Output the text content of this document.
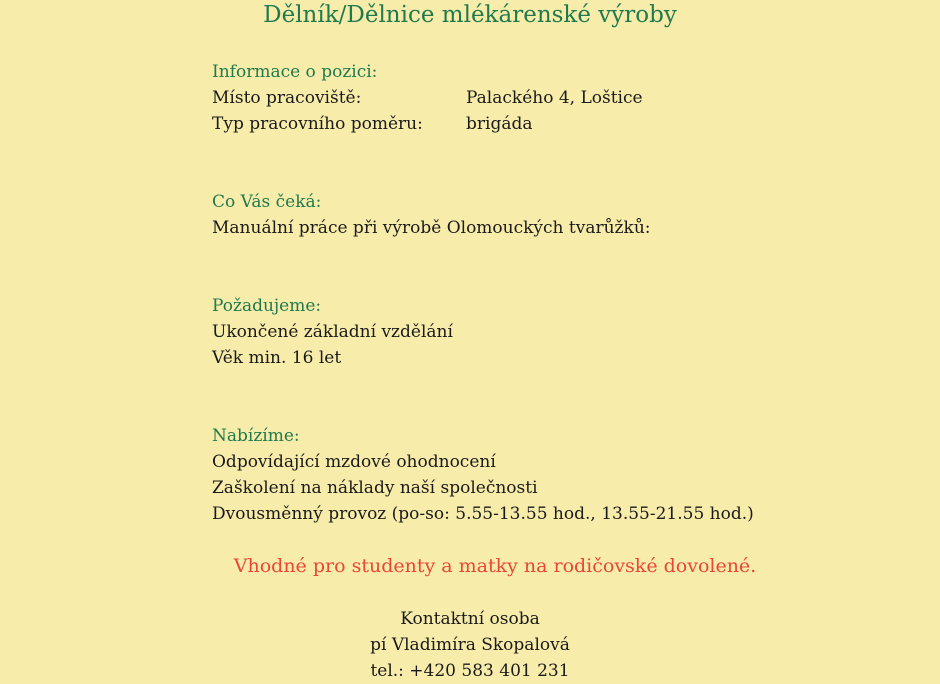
Dělník/Dělnice mlékárenské výroby

Informace o pozici:

Místo pracoviště:	Palackého 4, Loštice
Typ pracovního poměru:	brigáda

Co Vás čeká:

Manuální práce při výrobě Olomouckých tvarůžků:

Požadujeme:

Ukončené základní vzdělání

Věk min. 16 let

Nabízíme:

Odpovídající mzdové ohodnocení

Zaškolení na náklady naší společnosti

Dvousměnný provoz (po-so: 5.55-13.55 hod., 13.55-21.55 hod.)

Vhodné pro studenty a matky na rodičovské dovolené.

Kontaktní osoba

pí Vladimíra Skopalová

tel.: +420 583 401 231
